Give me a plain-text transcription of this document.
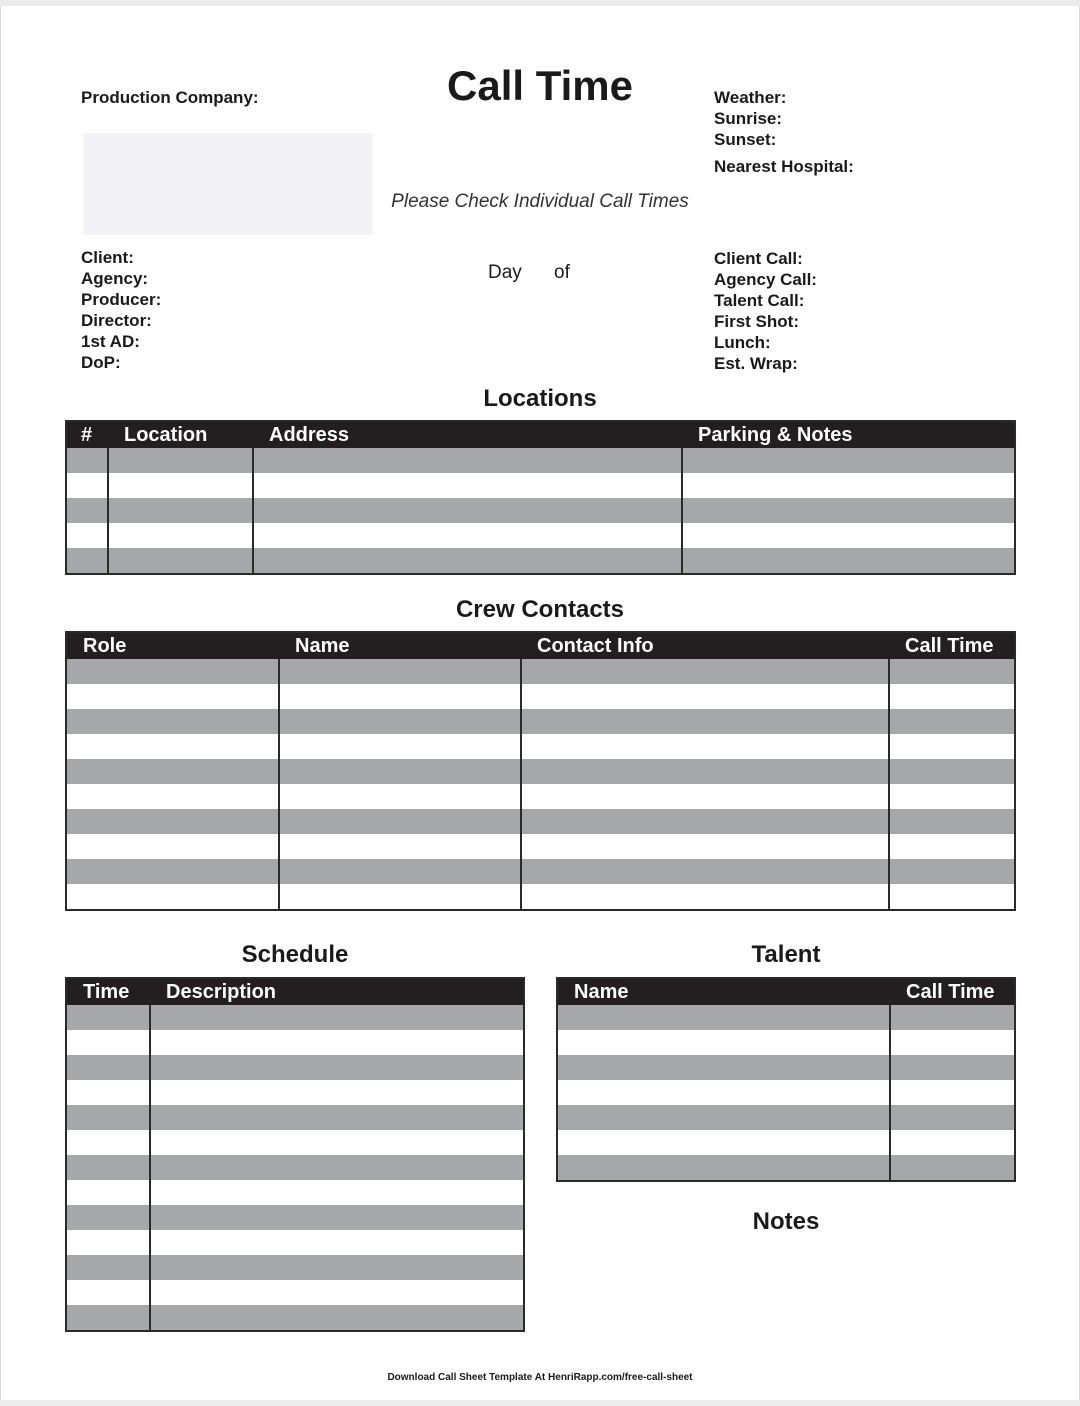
Production Company:	Call Time
Please Check Individual Call Times
Day of
Weather:
Sunrise:
Sunset:
Nearest Hospital:
Client:
Agency:
Producer:
Director:
1st AD:
DoP:
Client Call:
Agency Call:
Talent Call:
First Shot:
Lunch:
Est. Wrap:
Locations
#	Location	Address	Parking & Notes

Crew Contacts
Role	Name	Contact Info	Call Time

Schedule
Time	Description

Talent
Name	Call Time

Notes
Download Call Sheet Template At HenriRapp.com/free-call-sheet
